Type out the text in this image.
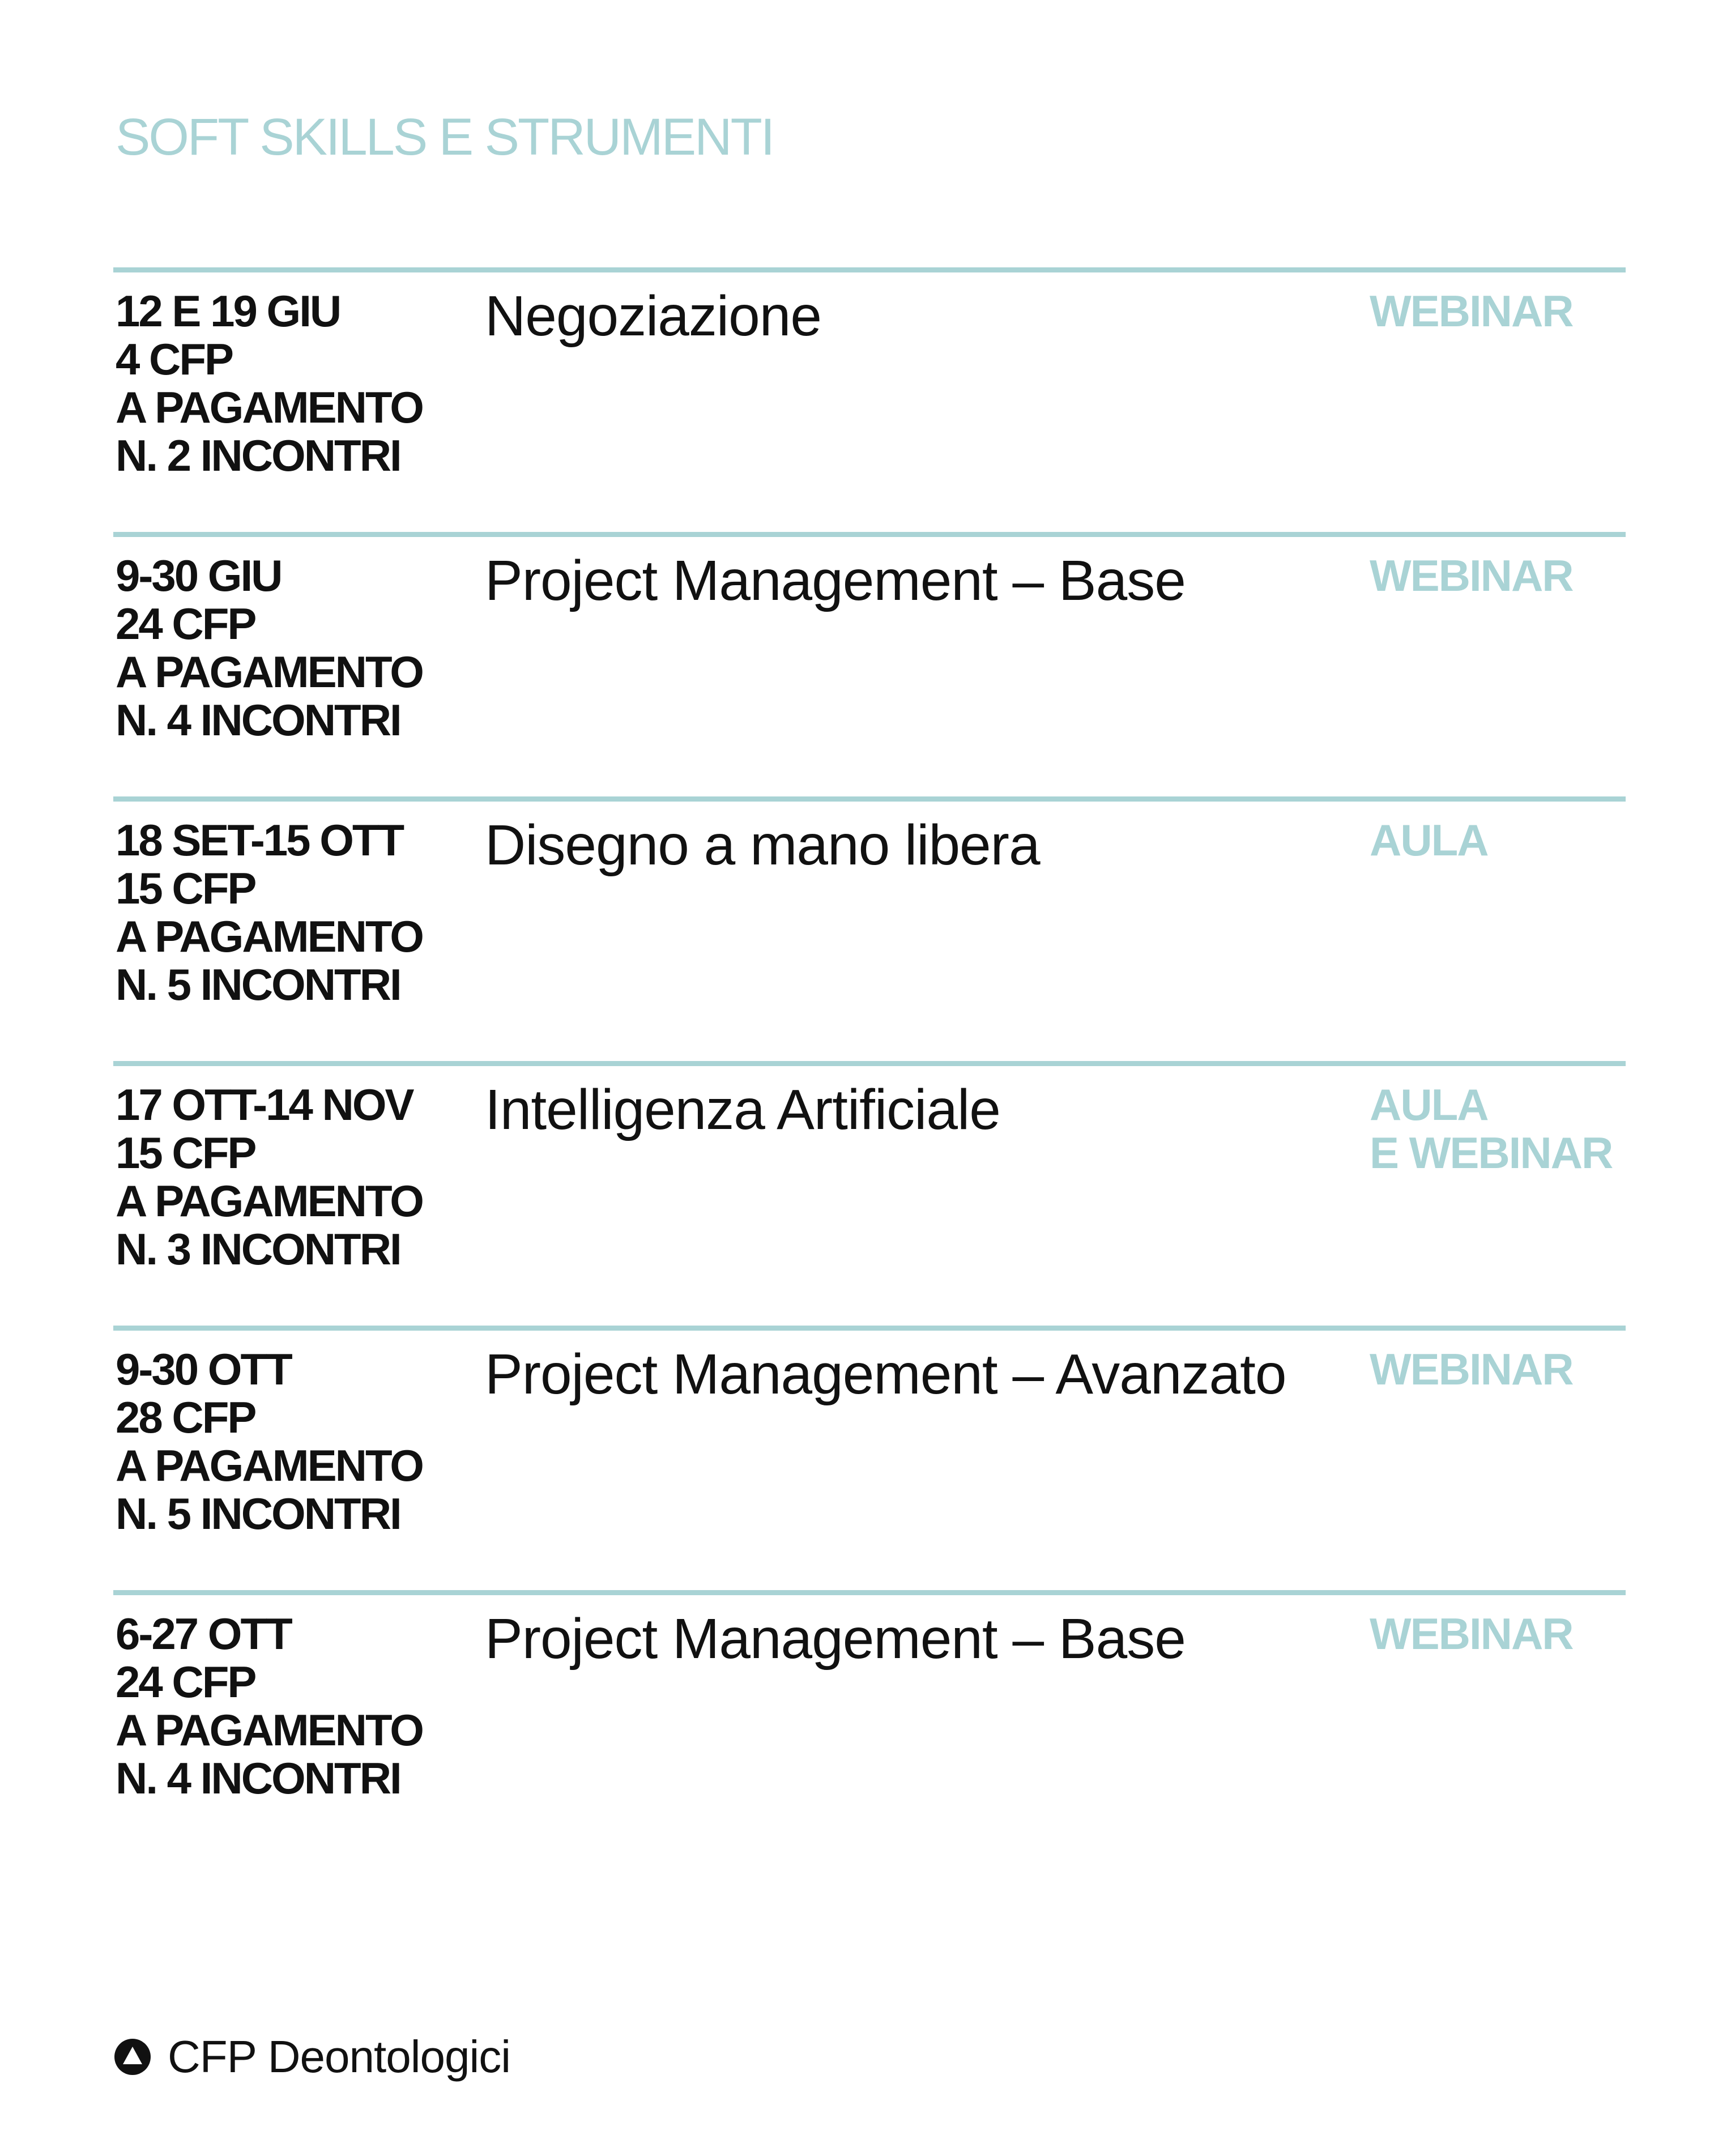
SOFT SKILLS E STRUMENTI
12 E 19 GIU
4 CFP
A PAGAMENTO
N. 2 INCONTRI
Negoziazione	WEBINAR
9-30 GIU
24 CFP
A PAGAMENTO
N. 4 INCONTRI
Project Management – Base	WEBINAR
18 SET-15 OTT
15 CFP
A PAGAMENTO
N. 5 INCONTRI
Disegno a mano libera	AULA
17 OTT-14 NOV
15 CFP
A PAGAMENTO
N. 3 INCONTRI
Intelligenza Artificiale	AULA
E WEBINAR
9-30 OTT
28 CFP
A PAGAMENTO
N. 5 INCONTRI
Project Management – Avanzato	WEBINAR
6-27 OTT
24 CFP
A PAGAMENTO
N. 4 INCONTRI
Project Management – Base	WEBINAR
CFP Deontologici
